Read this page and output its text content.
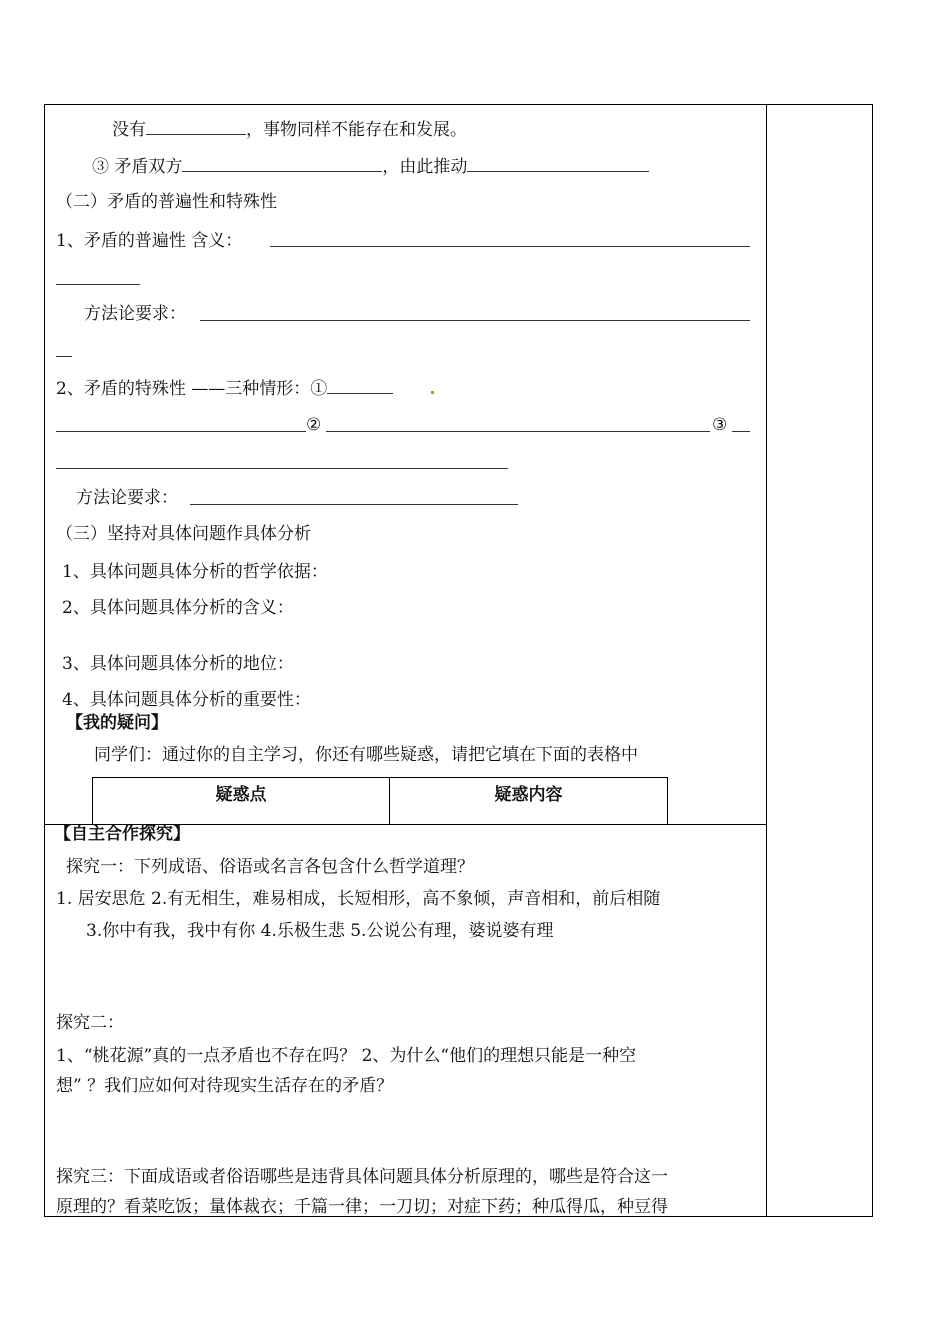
没有	，事物同样不能存在和发展。
③ 矛盾双方	，由此推动
（二）矛盾的普遍性和特殊性
1、矛盾的普遍性 含义：
方法论要求：
2、矛盾的特殊性 ——三种情形：①
②	③
方法论要求：
（三）坚持对具体问题作具体分析
1、具体问题具体分析的哲学依据：
2、具体问题具体分析的含义：
3、具体问题具体分析的地位：
4、具体问题具体分析的重要性：
【我的疑问】
同学们：通过你的自主学习，你还有哪些疑惑，请把它填在下面的表格中
疑惑点	疑惑内容
【自主合作探究】
探究一：下列成语、俗语或名言各包含什么哲学道理？
1. 居安思危 2.有无相生，难易相成，长短相形，高不象倾，声音相和，前后相随
3.你中有我，我中有你 4.乐极生悲 5.公说公有理，婆说婆有理
探究二：
1、“桃花源”真的一点矛盾也不存在吗？ 2、为什么“他们的理想只能是一种空
想” ？我们应如何对待现实生活存在的矛盾？
探究三：下面成语或者俗语哪些是违背具体问题具体分析原理的，哪些是符合这一
原理的？看菜吃饭；量体裁衣；千篇一律；一刀切；对症下药；种瓜得瓜，种豆得
